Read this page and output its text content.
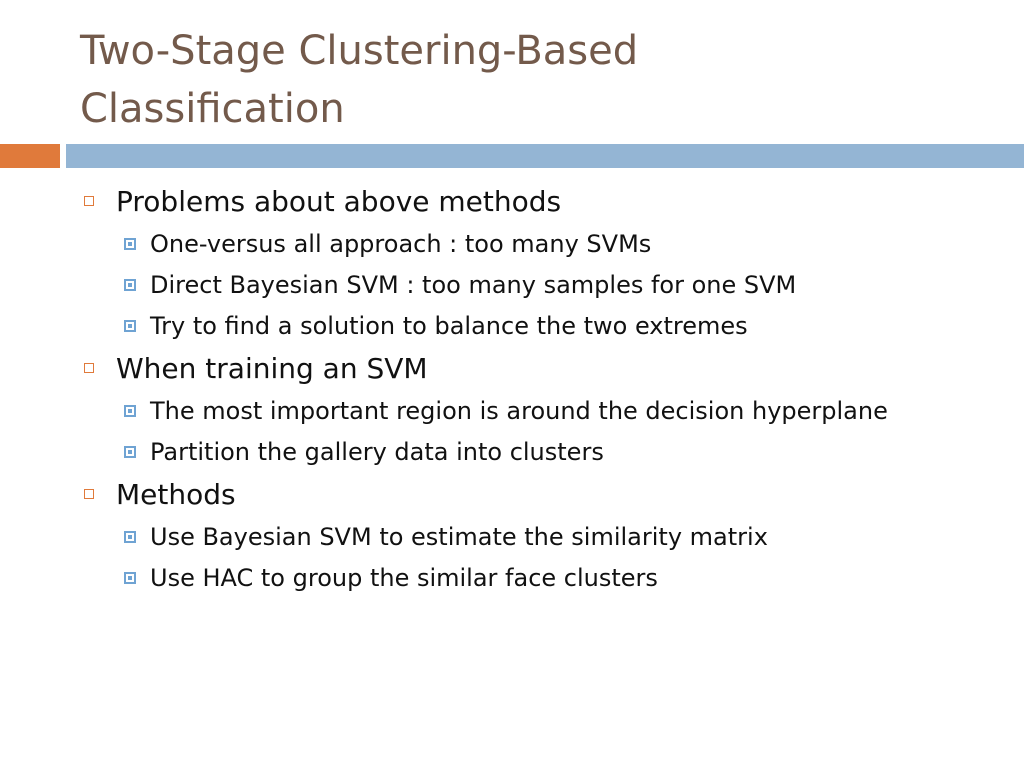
Two-Stage Clustering-Based
Classification

Problems about above methods

One-versus all approach : too many SVMs

Direct Bayesian SVM : too many samples for one SVM

Try to find a solution to balance the two extremes

When training an SVM

The most important region is around the decision hyperplane

Partition the gallery data into clusters

Methods

Use Bayesian SVM to estimate the similarity matrix

Use HAC to group the similar face clusters
